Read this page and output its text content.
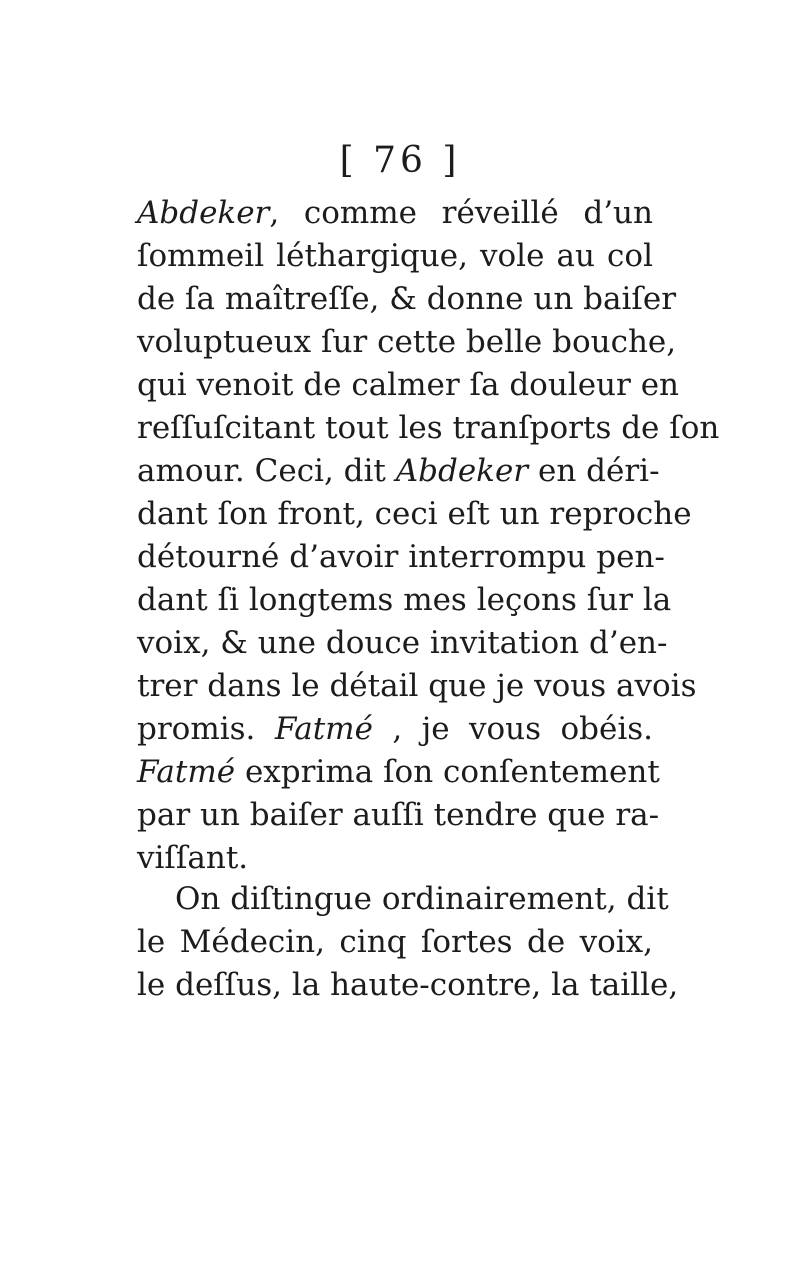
[ 76 ]
Abdeker, comme réveillé d’un
ſommeil léthargique, vole au col
de ſa maîtreſſe, & donne un baiſer
voluptueux ſur cette belle bouche,
qui venoit de calmer ſa douleur en
reſſuſcitant tout les tranſports de ſon
amour. Ceci, dit Abdeker en déri-
dant ſon front, ceci eſt un reproche
détourné d’avoir interrompu pen-
dant ſi longtems mes leçons ſur la
voix, & une douce invitation d’en-
trer dans le détail que je vous avois
promis. Fatmé , je vous obéis.
Fatmé exprima ſon conſentement
par un baiſer auſſi tendre que ra-
viſſant.
On diſtingue ordinairement, dit
le Médecin, cinq ſortes de voix,
le deſſus, la haute-contre, la taille,
